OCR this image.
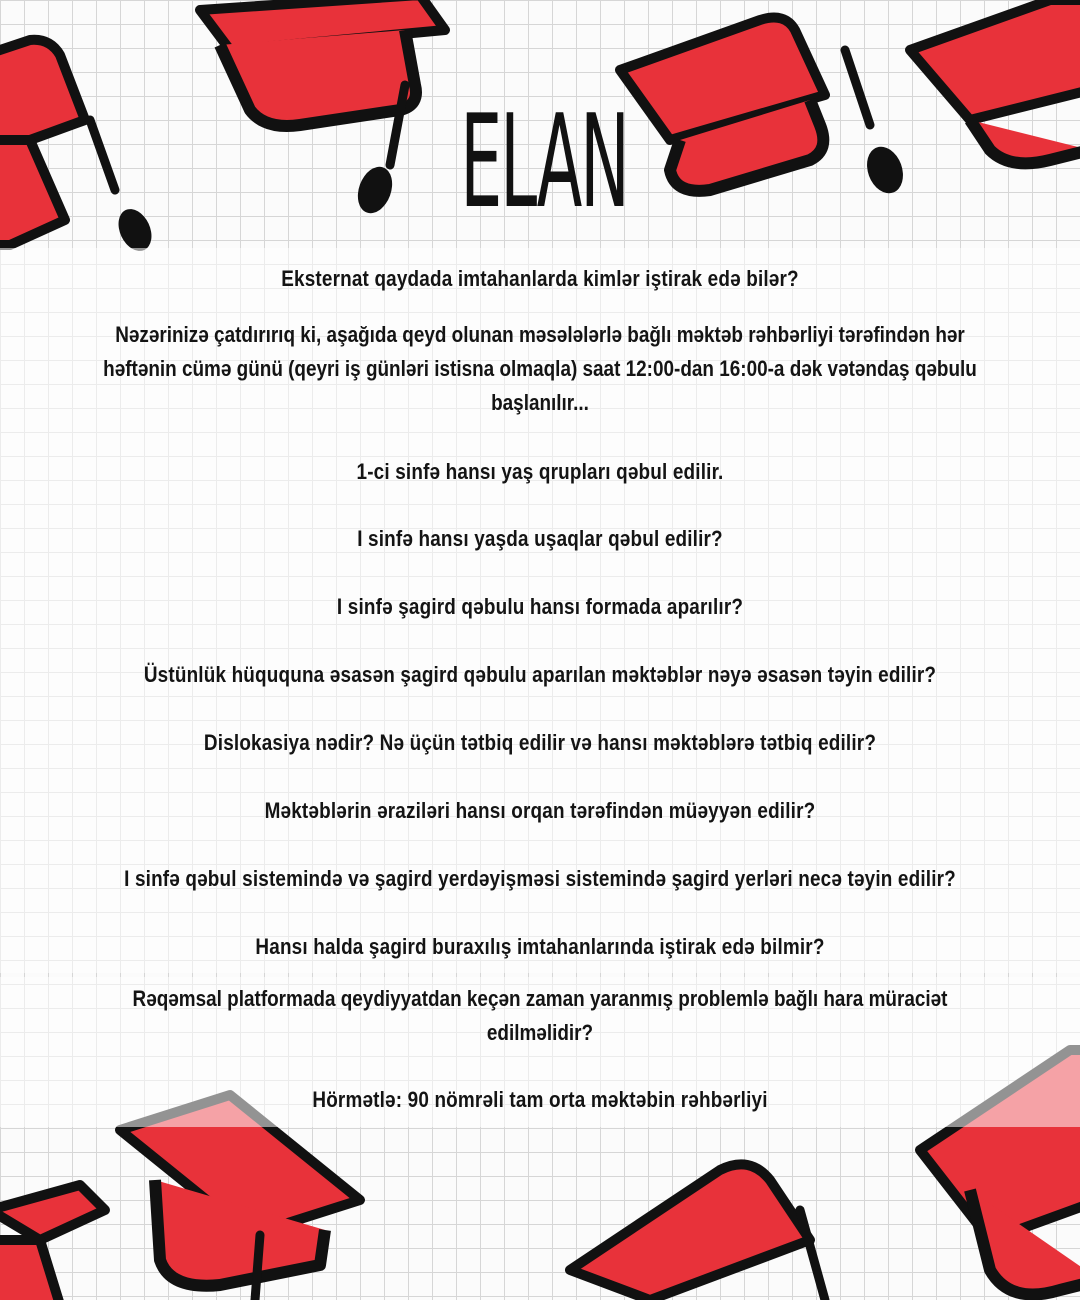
ELAN

Eksternat qaydada imtahanlarda kimlər iştirak edə bilər?

Nəzərinizə çatdırırıq ki, aşağıda qeyd olunan məsələlərlə bağlı məktəb rəhbərliyi tərəfindən hər
həftənin cümə günü (qeyri iş günləri istisna olmaqla) saat 12:00-dan 16:00-a dək vətəndaş qəbulu
başlanılır...

1-ci sinfə hansı yaş qrupları qəbul edilir.

I sinfə hansı yaşda uşaqlar qəbul edilir?

I sinfə şagird qəbulu hansı formada aparılır?

Üstünlük hüququna əsasən şagird qəbulu aparılan məktəblər nəyə əsasən təyin edilir?

Dislokasiya nədir? Nə üçün tətbiq edilir və hansı məktəblərə tətbiq edilir?

Məktəblərin əraziləri hansı orqan tərəfindən müəyyən edilir?

I sinfə qəbul sistemində və şagird yerdəyişməsi sistemində şagird yerləri necə təyin edilir?

Hansı halda şagird buraxılış imtahanlarında iştirak edə bilmir?

Rəqəmsal platformada qeydiyyatdan keçən zaman yaranmış problemlə bağlı hara müraciət
edilməlidir?

Hörmətlə: 90 nömrəli tam orta məktəbin rəhbərliyi
